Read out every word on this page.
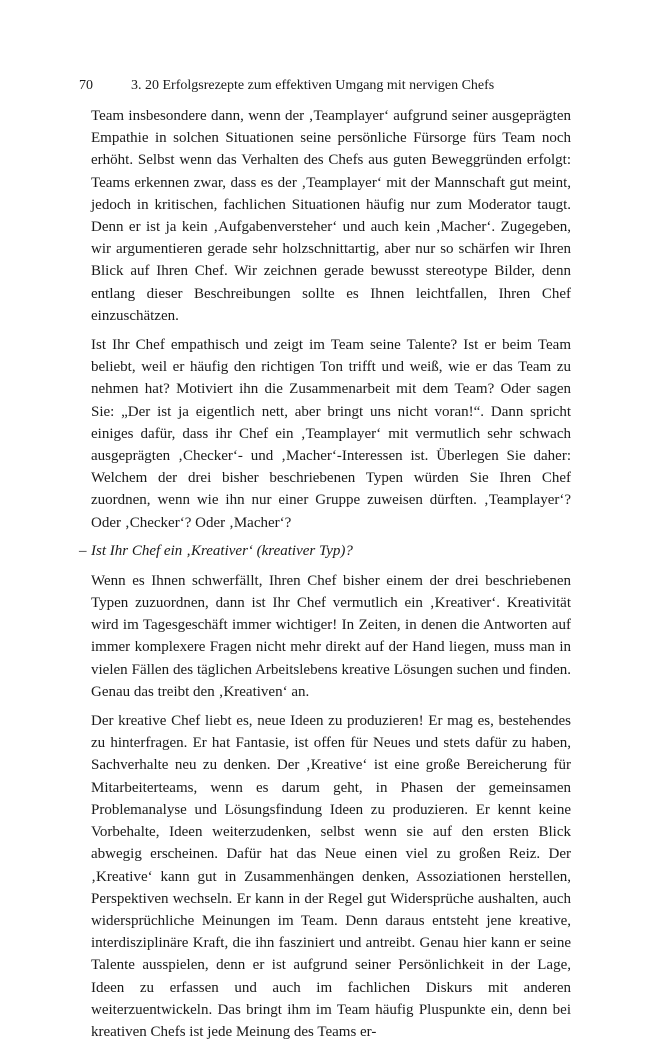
70	3. 20 Erfolgsrezepte zum effektiven Umgang mit nervigen Chefs

Team insbesondere dann, wenn der ‚Teamplayer‘ aufgrund seiner ausgeprägten Empathie in solchen Situationen seine persönliche Fürsorge fürs Team noch erhöht. Selbst wenn das Verhalten des Chefs aus guten Beweggründen erfolgt: Teams erkennen zwar, dass es der ‚Teamplayer‘ mit der Mannschaft gut meint, jedoch in kritischen, fachlichen Situationen häufig nur zum Moderator taugt. Denn er ist ja kein ‚Aufgabenversteher‘ und auch kein ‚Macher‘. Zugegeben, wir argumentieren gerade sehr holzschnittartig, aber nur so schärfen wir Ihren Blick auf Ihren Chef. Wir zeichnen gerade bewusst stereotype Bilder, denn entlang dieser Beschreibungen sollte es Ihnen leichtfallen, Ihren Chef einzuschätzen.

Ist Ihr Chef empathisch und zeigt im Team seine Talente? Ist er beim Team beliebt, weil er häufig den richtigen Ton trifft und weiß, wie er das Team zu nehmen hat? Motiviert ihn die Zusammenarbeit mit dem Team? Oder sagen Sie: „Der ist ja eigentlich nett, aber bringt uns nicht voran!“. Dann spricht einiges dafür, dass ihr Chef ein ‚Teamplayer‘ mit vermutlich sehr schwach ausgeprägten ‚Checker‘- und ‚Macher‘-Interessen ist. Überlegen Sie daher: Welchem der drei bisher beschriebenen Typen würden Sie Ihren Chef zuordnen, wenn wie ihn nur einer Gruppe zuweisen dürften. ‚Teamplayer‘? Oder ‚Checker‘? Oder ‚Macher‘?

– Ist Ihr Chef ein ‚Kreativer‘ (kreativer Typ)?

Wenn es Ihnen schwerfällt, Ihren Chef bisher einem der drei beschriebenen Typen zuzuordnen, dann ist Ihr Chef vermutlich ein ‚Kreativer‘. Kreativität wird im Tagesgeschäft immer wichtiger! In Zeiten, in denen die Antworten auf immer komplexere Fragen nicht mehr direkt auf der Hand liegen, muss man in vielen Fällen des täglichen Arbeitslebens kreative Lösungen suchen und finden. Genau das treibt den ‚Kreativen‘ an.

Der kreative Chef liebt es, neue Ideen zu produzieren! Er mag es, bestehendes zu hinterfragen. Er hat Fantasie, ist offen für Neues und stets dafür zu haben, Sachverhalte neu zu denken. Der ‚Kreative‘ ist eine große Bereicherung für Mitarbeiterteams, wenn es darum geht, in Phasen der gemeinsamen Problemanalyse und Lösungsfindung Ideen zu produzieren. Er kennt keine Vorbehalte, Ideen weiterzudenken, selbst wenn sie auf den ersten Blick abwegig erscheinen. Dafür hat das Neue einen viel zu großen Reiz. Der ‚Kreative‘ kann gut in Zusammenhängen denken, Assoziationen herstellen, Perspektiven wechseln. Er kann in der Regel gut Widersprüche aushalten, auch widersprüchliche Meinungen im Team. Denn daraus entsteht jene kreative, interdisziplinäre Kraft, die ihn fasziniert und antreibt. Genau hier kann er seine Talente ausspielen, denn er ist aufgrund seiner Persönlichkeit in der Lage, Ideen zu erfassen und auch im fachlichen Diskurs mit anderen weiterzuentwickeln. Das bringt ihm im Team häufig Pluspunkte ein, denn bei kreativen Chefs ist jede Meinung des Teams er-
